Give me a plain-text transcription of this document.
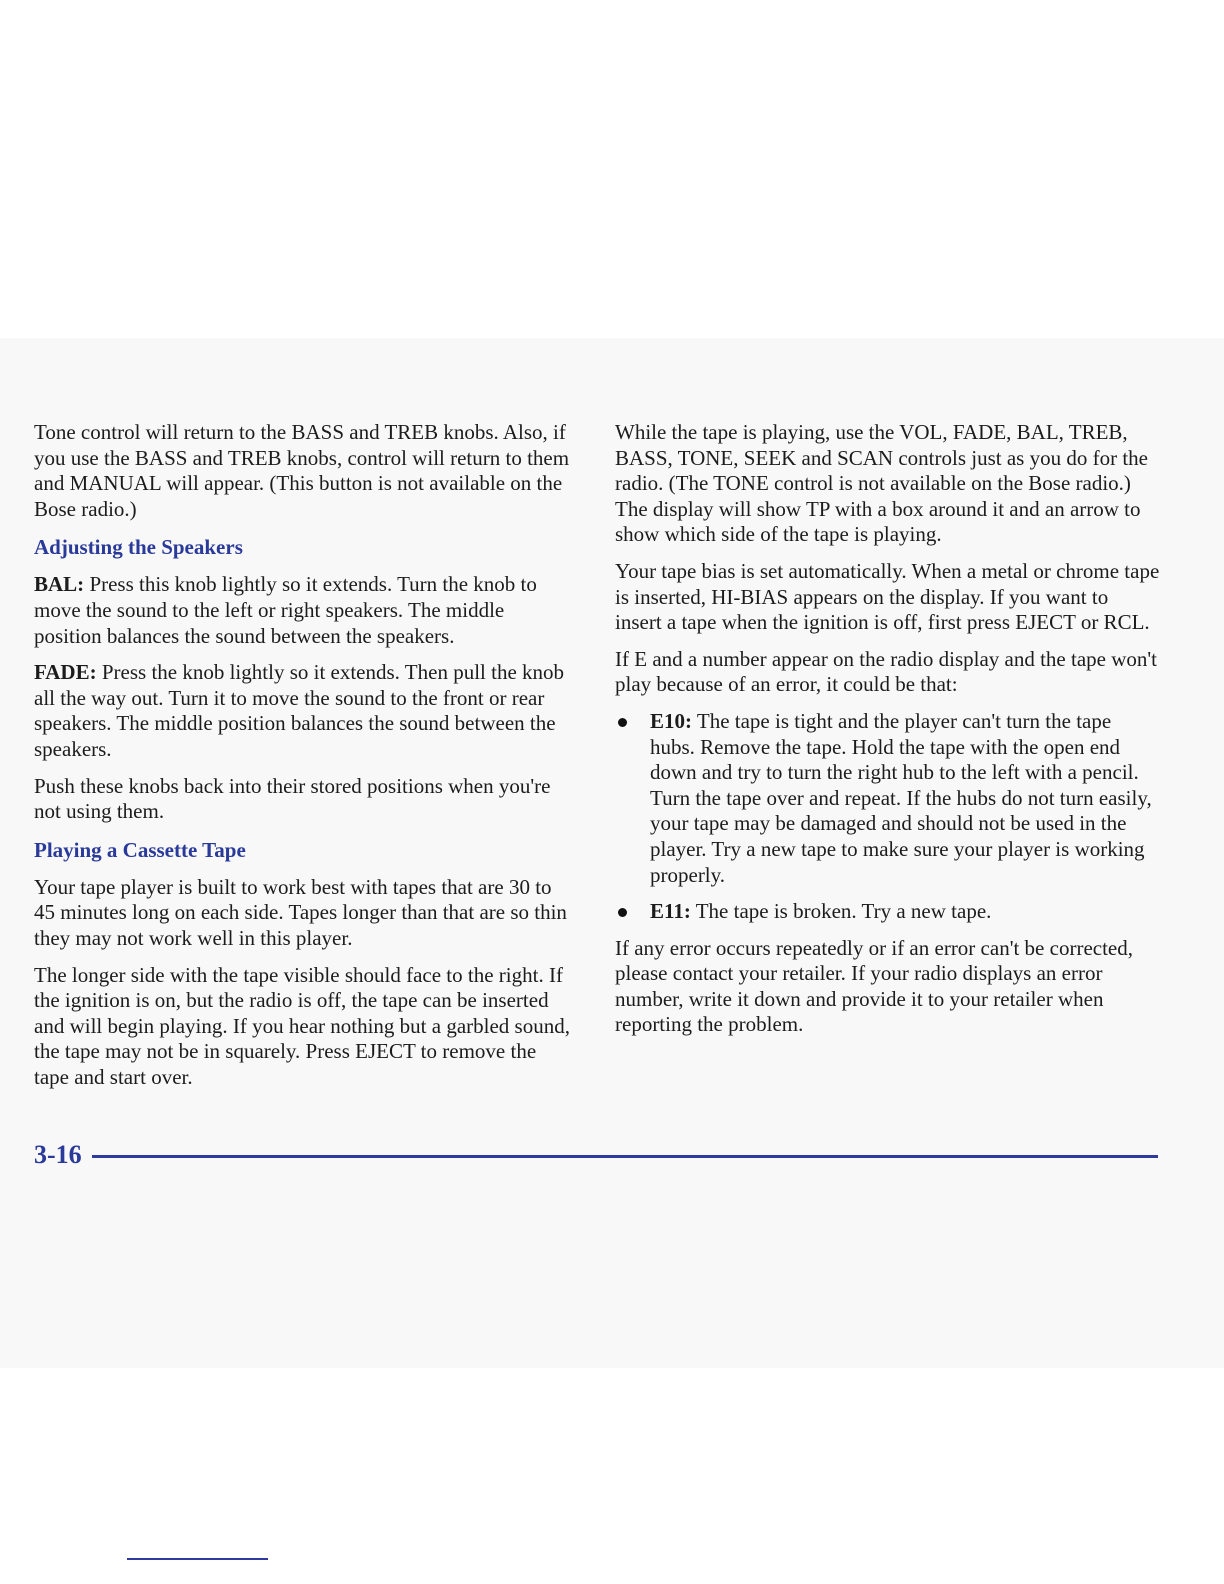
Tone control will return to the BASS and TREB knobs. Also, if you use the BASS and TREB knobs, control will return to them and MANUAL will appear. (This button is not available on the Bose radio.)

Adjusting the Speakers

BAL: Press this knob lightly so it extends. Turn the knob to move the sound to the left or right speakers. The middle position balances the sound between the speakers.

FADE: Press the knob lightly so it extends. Then pull the knob all the way out. Turn it to move the sound to the front or rear speakers. The middle position balances the sound between the speakers.

Push these knobs back into their stored positions when you're not using them.

Playing a Cassette Tape

Your tape player is built to work best with tapes that are 30 to 45 minutes long on each side. Tapes longer than that are so thin they may not work well in this player.

The longer side with the tape visible should face to the right. If the ignition is on, but the radio is off, the tape can be inserted and will begin playing. If you hear nothing but a garbled sound, the tape may not be in squarely. Press EJECT to remove the tape and start over.

While the tape is playing, use the VOL, FADE, BAL, TREB, BASS, TONE, SEEK and SCAN controls just as you do for the radio. (The TONE control is not available on the Bose radio.) The display will show TP with a box around it and an arrow to show which side of the tape is playing.

Your tape bias is set automatically. When a metal or chrome tape is inserted, HI-BIAS appears on the display. If you want to insert a tape when the ignition is off, first press EJECT or RCL.

If E and a number appear on the radio display and the tape won't play because of an error, it could be that:

E10: The tape is tight and the player can't turn the tape hubs. Remove the tape. Hold the tape with the open end down and try to turn the right hub to the left with a pencil. Turn the tape over and repeat. If the hubs do not turn easily, your tape may be damaged and should not be used in the player. Try a new tape to make sure your player is working properly.
E11: The tape is broken. Try a new tape.

If any error occurs repeatedly or if an error can't be corrected, please contact your retailer. If your radio displays an error number, write it down and provide it to your retailer when reporting the problem.

3-16
